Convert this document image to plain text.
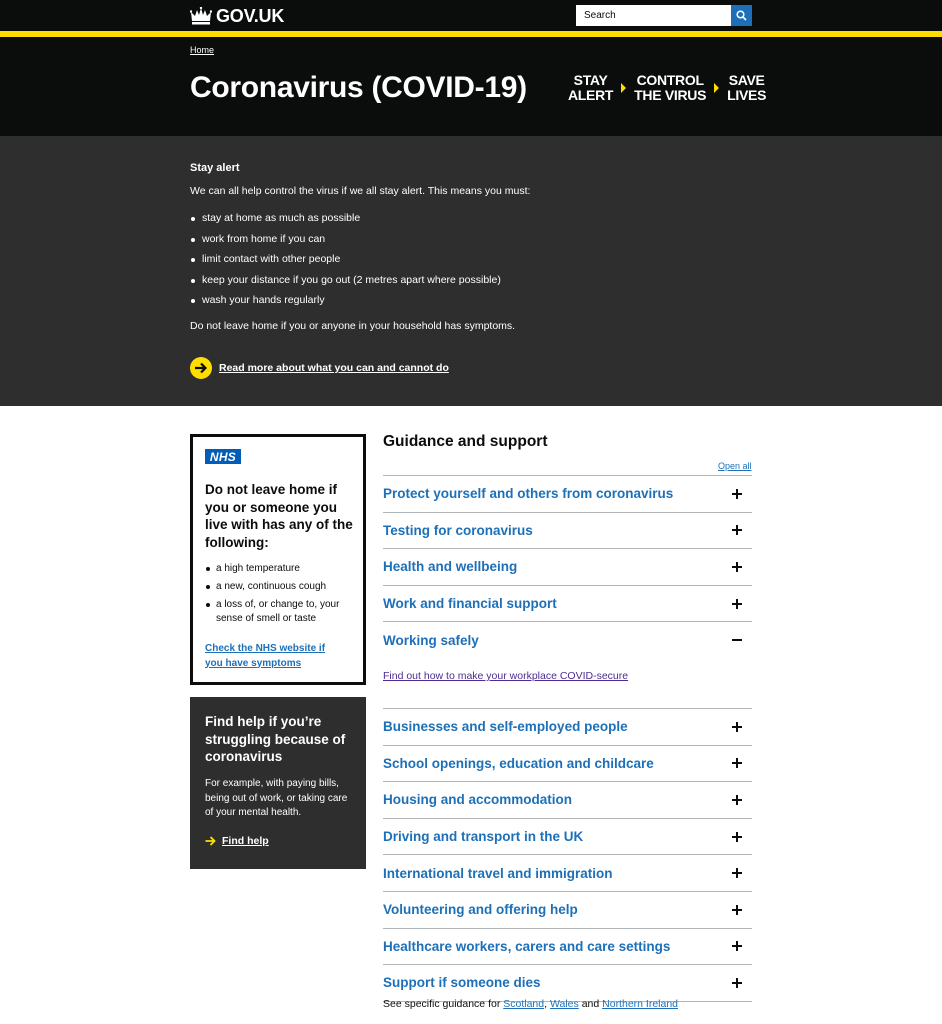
GOV.UK
Search
Home
Coronavirus (COVID-19)	STAY
ALERT
CONTROL
THE VIRUS
SAVE
LIVES
Stay alert

We can all help control the virus if we all stay alert. This means you must:

stay at home as much as possible
work from home if you can
limit contact with other people
keep your distance if you go out (2 metres apart where possible)
wash your hands regularly

Do not leave home if you or anyone in your household has symptoms.

Read more about what you can and cannot do
NHS
Do not leave home if you or someone you live with has any of the following:
a high temperature
a new, continuous cough
a loss of, or change to, your sense of smell or taste
Check the NHS website if you have symptoms
Find help if you’re struggling because of coronavirus

For example, with paying bills, being out of work, or taking care of your mental health.

Find help
Guidance and support
Open all
Protect yourself and others from coronavirus
Testing for coronavirus
Health and wellbeing
Work and financial support
Working safely
Find out how to make your workplace COVID-secure
Businesses and self-employed people
School openings, education and childcare
Housing and accommodation
Driving and transport in the UK
International travel and immigration
Volunteering and offering help
Healthcare workers, carers and care settings
Support if someone dies

See specific guidance for Scotland, Wales and Northern Ireland
